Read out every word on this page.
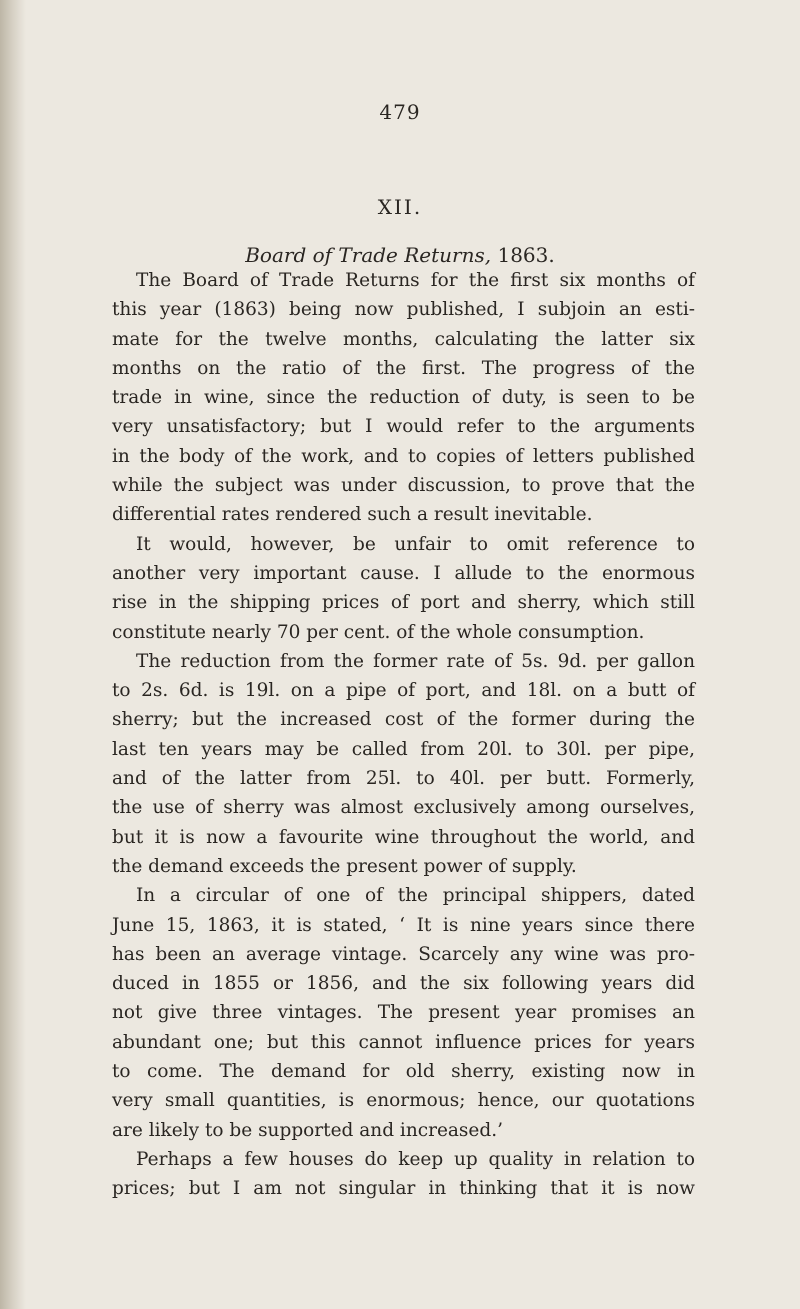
479
XII.
Board of Trade Returns, 1863.
The Board of Trade Returns for the first six months of
this year (1863) being now published, I subjoin an esti-
mate for the twelve months, calculating the latter six
months on the ratio of the first. The progress of the
trade in wine, since the reduction of duty, is seen to be
very unsatisfactory; but I would refer to the arguments
in the body of the work, and to copies of letters published
while the subject was under discussion, to prove that the
differential rates rendered such a result inevitable.
It would, however, be unfair to omit reference to
another very important cause. I allude to the enormous
rise in the shipping prices of port and sherry, which still
constitute nearly 70 per cent. of the whole consumption.
The reduction from the former rate of 5s. 9d. per gallon
to 2s. 6d. is 19l. on a pipe of port, and 18l. on a butt of
sherry; but the increased cost of the former during the
last ten years may be called from 20l. to 30l. per pipe,
and of the latter from 25l. to 40l. per butt. Formerly,
the use of sherry was almost exclusively among ourselves,
but it is now a favourite wine throughout the world, and
the demand exceeds the present power of supply.
In a circular of one of the principal shippers, dated
June 15, 1863, it is stated, ‘ It is nine years since there
has been an average vintage. Scarcely any wine was pro-
duced in 1855 or 1856, and the six following years did
not give three vintages. The present year promises an
abundant one; but this cannot influence prices for years
to come. The demand for old sherry, existing now in
very small quantities, is enormous; hence, our quotations
are likely to be supported and increased.’
Perhaps a few houses do keep up quality in relation to
prices; but I am not singular in thinking that it is now
